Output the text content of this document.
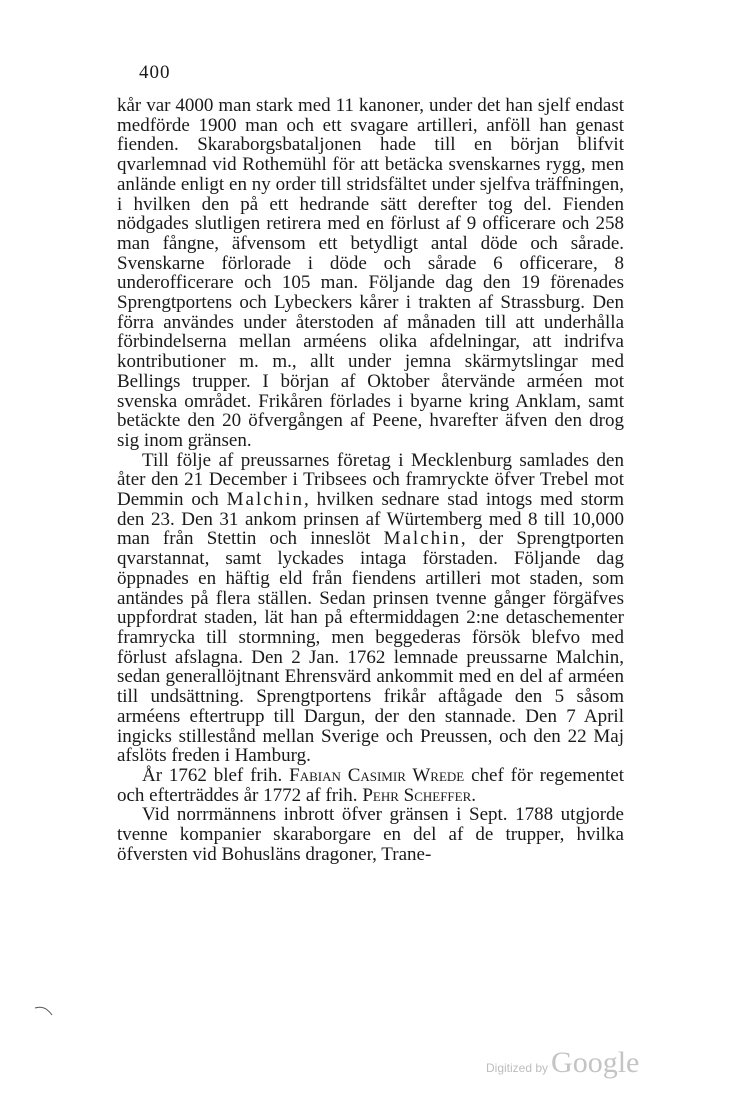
400

kår var 4000 man stark med 11 kanoner, under det han sjelf endast medförde 1900 man och ett svagare artilleri, anföll han genast fienden. Skaraborgsbataljonen hade till en början blifvit qvarlemnad vid Rothemühl för att betäcka svenskarnes rygg, men anlände enligt en ny order till stridsfältet under sjelfva träffningen, i hvilken den på ett hedrande sätt derefter tog del. Fienden nödgades slutligen retirera med en förlust af 9 officerare och 258 man fångne, äfvensom ett betydligt antal döde och sårade. Svenskarne förlorade i döde och sårade 6 officerare, 8 underofficerare och 105 man. Följande dag den 19 förenades Sprengtportens och Lybeckers kårer i trakten af Strassburg. Den förra användes under återstoden af månaden till att underhålla förbindelserna mellan arméens olika afdelningar, att indrifva kontributioner m. m., allt under jemna skärmytslingar med Bellings trupper. I början af Oktober återvände arméen mot svenska området. Frikåren förlades i byarne kring Anklam, samt betäckte den 20 öfvergången af Peene, hvarefter äfven den drog sig inom gränsen.

Till följe af preussarnes företag i Mecklenburg samlades den åter den 21 December i Tribsees och framryckte öfver Trebel mot Demmin och Malchin, hvilken sednare stad intogs med storm den 23. Den 31 ankom prinsen af Würtemberg med 8 till 10,000 man från Stettin och inneslöt Malchin, der Sprengtporten qvarstannat, samt lyckades intaga förstaden. Följande dag öppnades en häftig eld från fiendens artilleri mot staden, som antändes på flera ställen. Sedan prinsen tvenne gånger förgäfves uppfordrat staden, lät han på eftermiddagen 2:ne detaschementer framrycka till stormning, men beggederas försök blefvo med förlust afslagna. Den 2 Jan. 1762 lemnade preussarne Malchin, sedan generallöjtnant Ehrensvärd ankommit med en del af arméen till undsättning. Sprengtportens frikår aftågade den 5 såsom arméens eftertrupp till Dargun, der den stannade. Den 7 April ingicks stillestånd mellan Sverige och Preussen, och den 22 Maj afslöts freden i Hamburg.

År 1762 blef frih. Fabian Casimir Wrede chef för regementet och efterträddes år 1772 af frih. Pehr Scheffer.

Vid norrmännens inbrott öfver gränsen i Sept. 1788 utgjorde tvenne kompanier skaraborgare en del af de trupper, hvilka öfversten vid Bohusläns dragoner, Trane-

Digitized by Google
